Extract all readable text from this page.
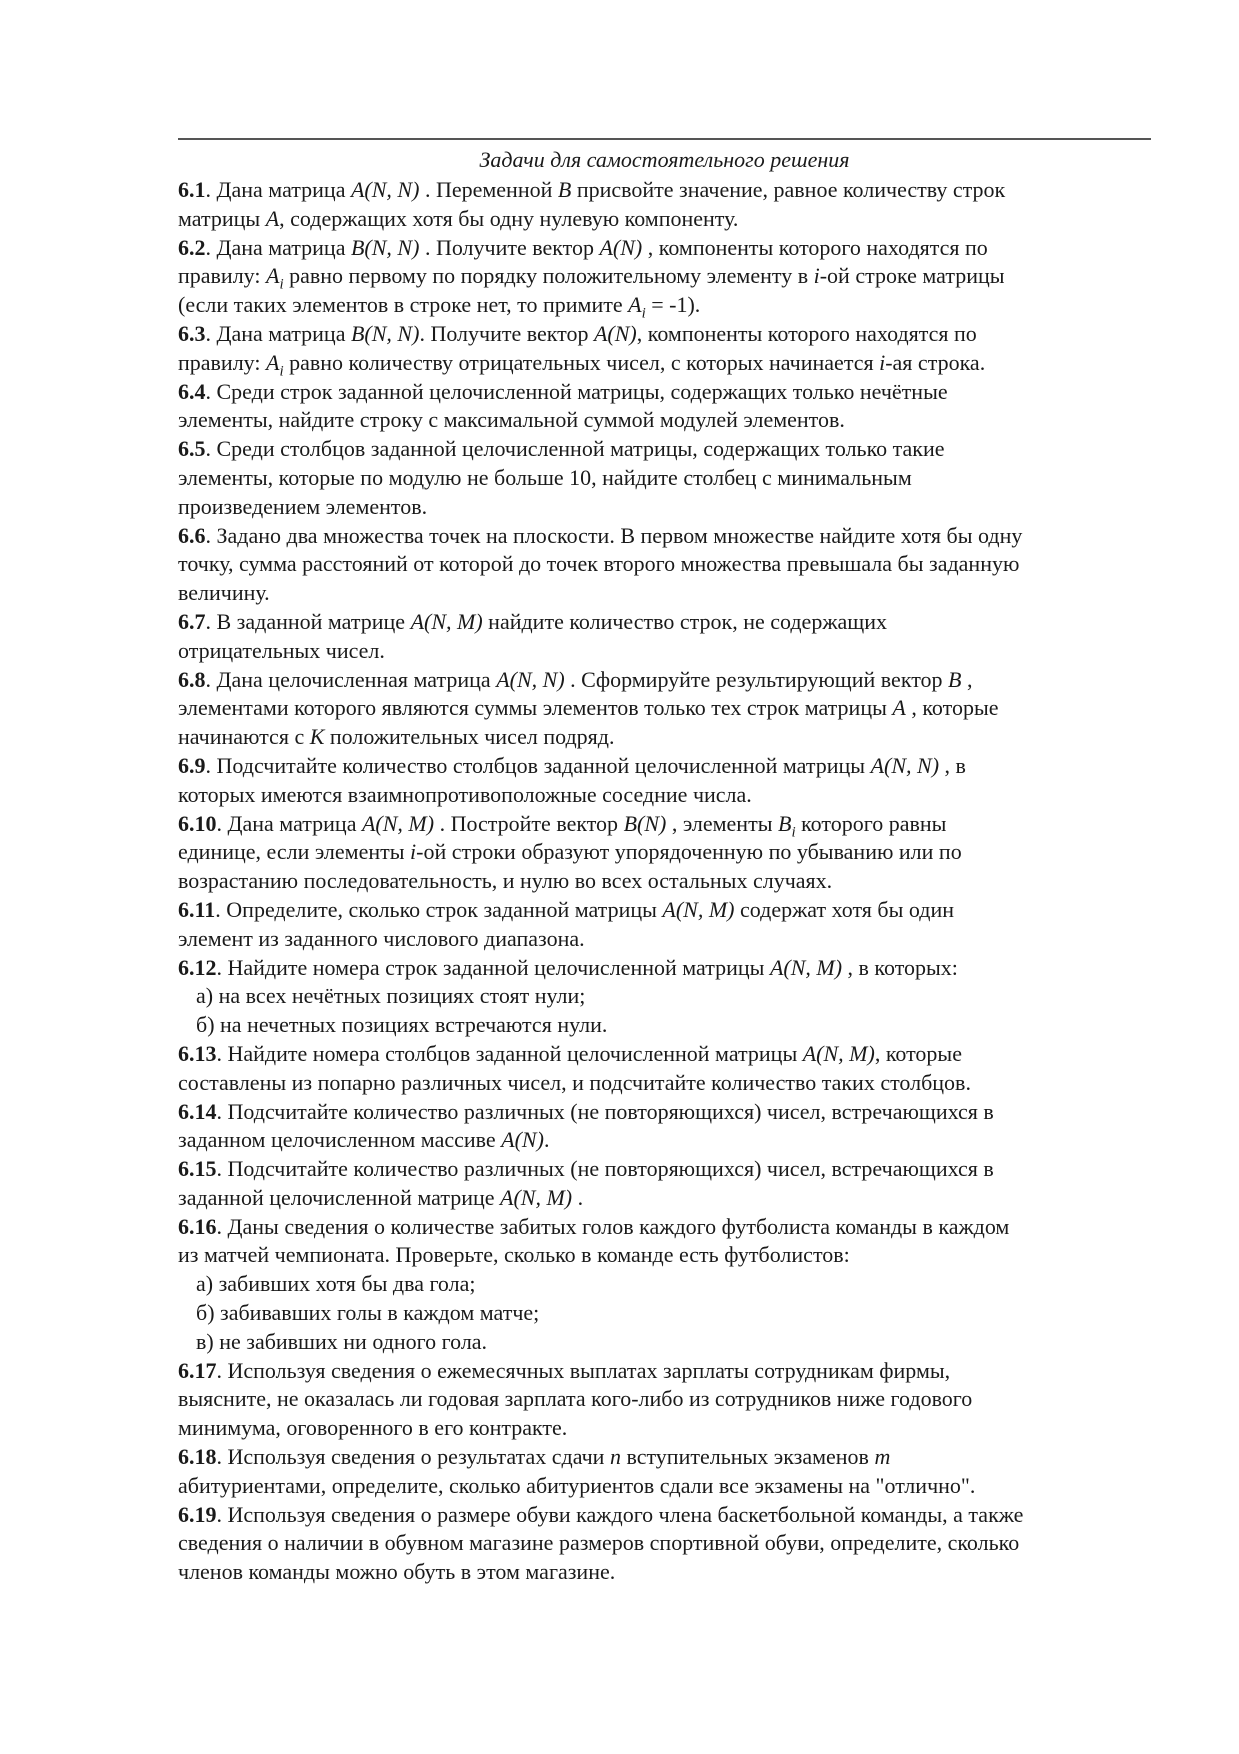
Задачи для самостоятельного решения
6.1. Дана матрица A(N, N) . Переменной B присвойте значение, равное количеству строк
матрицы A, содержащих хотя бы одну нулевую компоненту.
6.2. Дана матрица B(N, N) . Получите вектор A(N) , компоненты которого находятся по
правилу: $A_i$ равно первому по порядку положительному элементу в i-ой строке матрицы
(если таких элементов в строке нет, то примите $A_i = -1$).
6.3. Дана матрица B(N, N). Получите вектор A(N), компоненты которого находятся по
правилу: $A_i$ равно количеству отрицательных чисел, с которых начинается i-ая строка.
6.4. Среди строк заданной целочисленной матрицы, содержащих только нечётные
элементы, найдите строку с максимальной суммой модулей элементов.
6.5. Среди столбцов заданной целочисленной матрицы, содержащих только такие
элементы, которые по модулю не больше 10, найдите столбец с минимальным
произведением элементов.
6.6. Задано два множества точек на плоскости. В первом множестве найдите хотя бы одну
точку, сумма расстояний от которой до точек второго множества превышала бы заданную
величину.
6.7. В заданной матрице A(N, M) найдите количество строк, не содержащих
отрицательных чисел.
6.8. Дана целочисленная матрица A(N, N) . Сформируйте результирующий вектор B ,
элементами которого являются суммы элементов только тех строк матрицы A , которые
начинаются с K положительных чисел подряд.
6.9. Подсчитайте количество столбцов заданной целочисленной матрицы A(N, N) , в
которых имеются взаимнопротивоположные соседние числа.
6.10. Дана матрица A(N, M) . Постройте вектор B(N) , элементы $B_i$ которого равны
единице, если элементы i-ой строки образуют упорядоченную по убыванию или по
возрастанию последовательность, и нулю во всех остальных случаях.
6.11. Определите, сколько строк заданной матрицы A(N, M) содержат хотя бы один
элемент из заданного числового диапазона.
6.12. Найдите номера строк заданной целочисленной матрицы A(N, M) , в которых:
а) на всех нечётных позициях стоят нули;
б) на нечетных позициях встречаются нули.
6.13. Найдите номера столбцов заданной целочисленной матрицы A(N, M), которые
составлены из попарно различных чисел, и подсчитайте количество таких столбцов.
6.14. Подсчитайте количество различных (не повторяющихся) чисел, встречающихся в
заданном целочисленном массиве A(N).
6.15. Подсчитайте количество различных (не повторяющихся) чисел, встречающихся в
заданной целочисленной матрице A(N, M) .
6.16. Даны сведения о количестве забитых голов каждого футболиста команды в каждом
из матчей чемпионата. Проверьте, сколько в команде есть футболистов:
а) забивших хотя бы два гола;
б) забивавших голы в каждом матче;
в) не забивших ни одного гола.
6.17. Используя сведения о ежемесячных выплатах зарплаты сотрудникам фирмы,
выясните, не оказалась ли годовая зарплата кого-либо из сотрудников ниже годового
минимума, оговоренного в его контракте.
6.18. Используя сведения о результатах сдачи n вступительных экзаменов m
абитуриентами, определите, сколько абитуриентов сдали все экзамены на "отлично".
6.19. Используя сведения о размере обуви каждого члена баскетбольной команды, а также
сведения о наличии в обувном магазине размеров спортивной обуви, определите, сколько
членов команды можно обуть в этом магазине.
